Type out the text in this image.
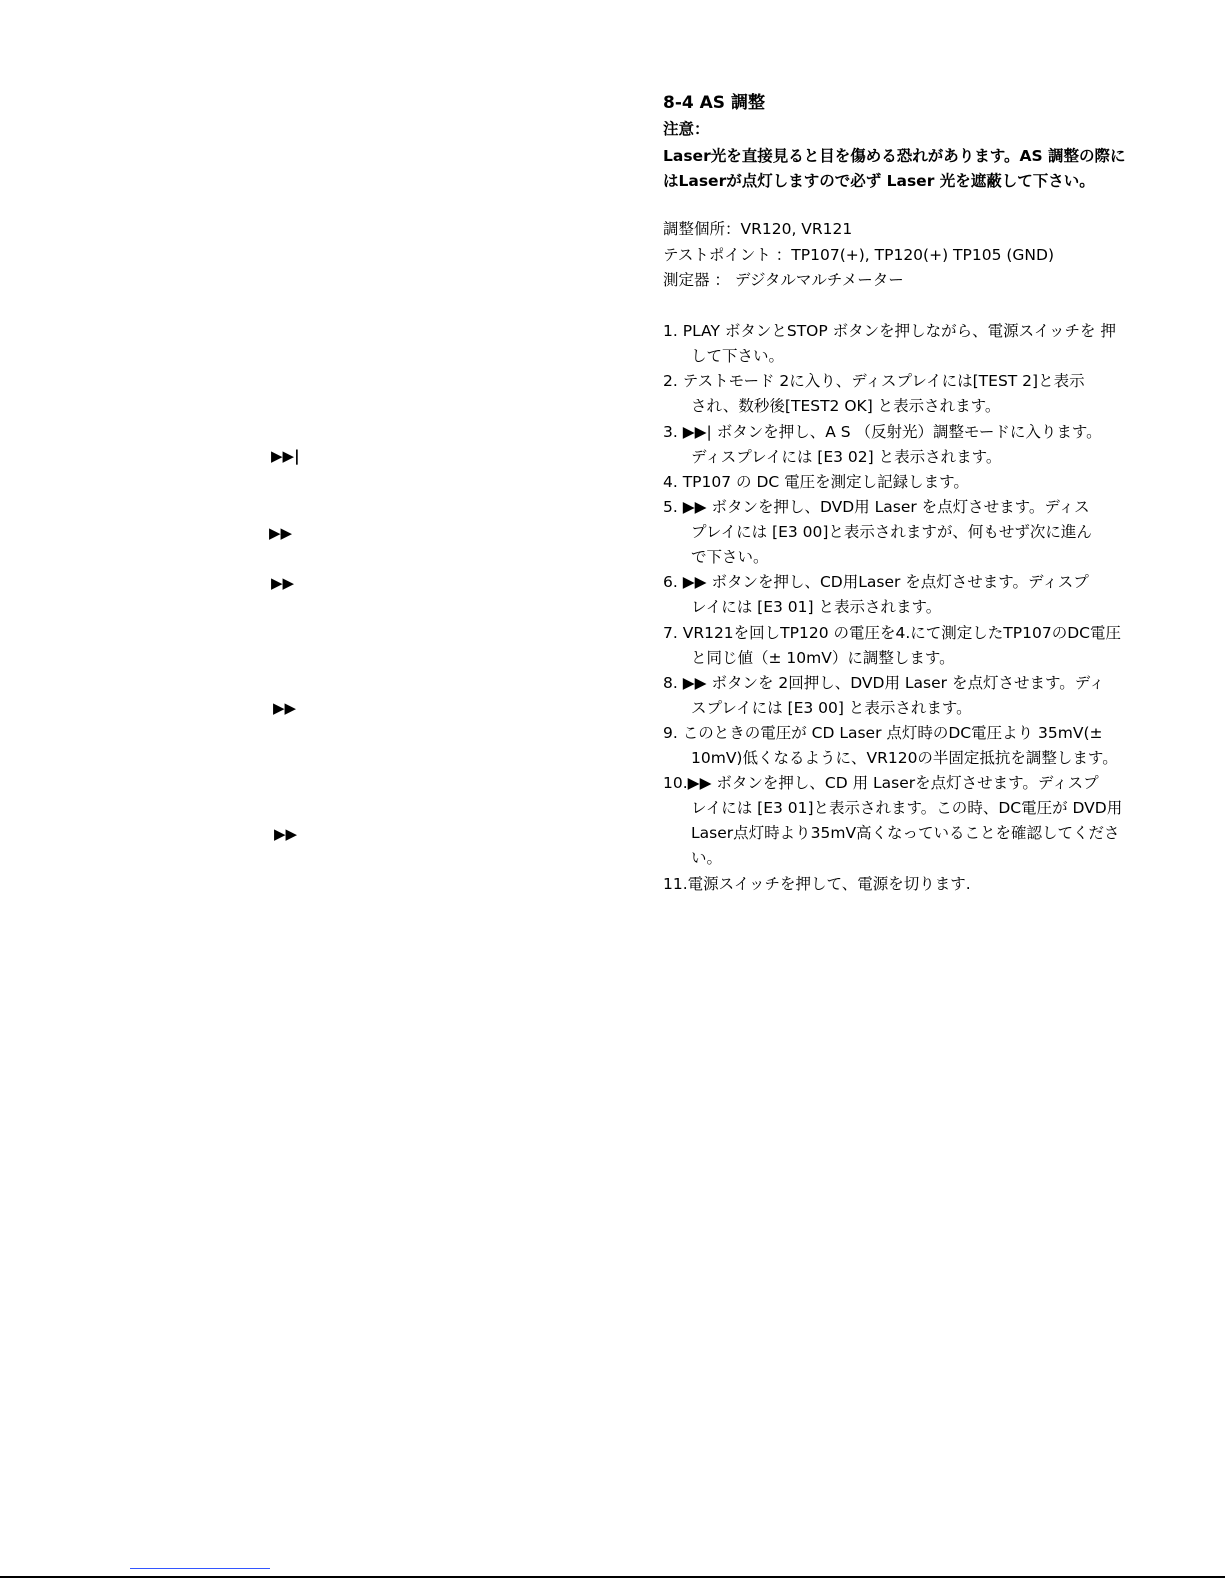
▶▶|
▶▶
▶▶
▶▶
▶▶
8-4 AS 調整
注意：
Laser光を直接見ると目を傷める恐れがあります。AS 調整の際に
はLaserが点灯しますので必ず Laser 光を遮蔽して下さい。
調整個所：VR120, VR121
テストポイント ：TP107(+), TP120(+) TP105 (GND)
測定器 ： デジタルマルチメーター
1. PLAY ボタンとSTOP ボタンを押しながら、電源スイッチを 押
して下さい。
2. テストモード 2に入り、ディスプレイには[TEST 2]と表示
され、数秒後[TEST2 OK] と表示されます。
3. ▶▶| ボタンを押し、A S （反射光）調整モードに入ります。
ディスプレイには [E3 02] と表示されます。
4. TP107 の DC 電圧を測定し記録します。
5. ▶▶ ボタンを押し、DVD用 Laser を点灯させます。ディス
プレイには [E3 00]と表示されますが、何もせず次に進ん
で下さい。
6. ▶▶ ボタンを押し、CD用Laser を点灯させます。ディスプ
レイには [E3 01] と表示されます。
7. VR121を回しTP120 の電圧を4.にて測定したTP107のDC電圧
と同じ値（± 10mV）に調整します。
8. ▶▶ ボタンを 2回押し、DVD用 Laser を点灯させます。ディ
スプレイには [E3 00] と表示されます。
9. このときの電圧が CD Laser 点灯時のDC電圧より 35mV(±
10mV)低くなるように、VR120の半固定抵抗を調整します。
10.▶▶ ボタンを押し、CD 用 Laserを点灯させます。ディスプ
レイには [E3 01]と表示されます。この時、DC電圧が DVD用
Laser点灯時より35mV高くなっていることを確認してくださ
い。
11.電源スイッチを押して、電源を切ります.
